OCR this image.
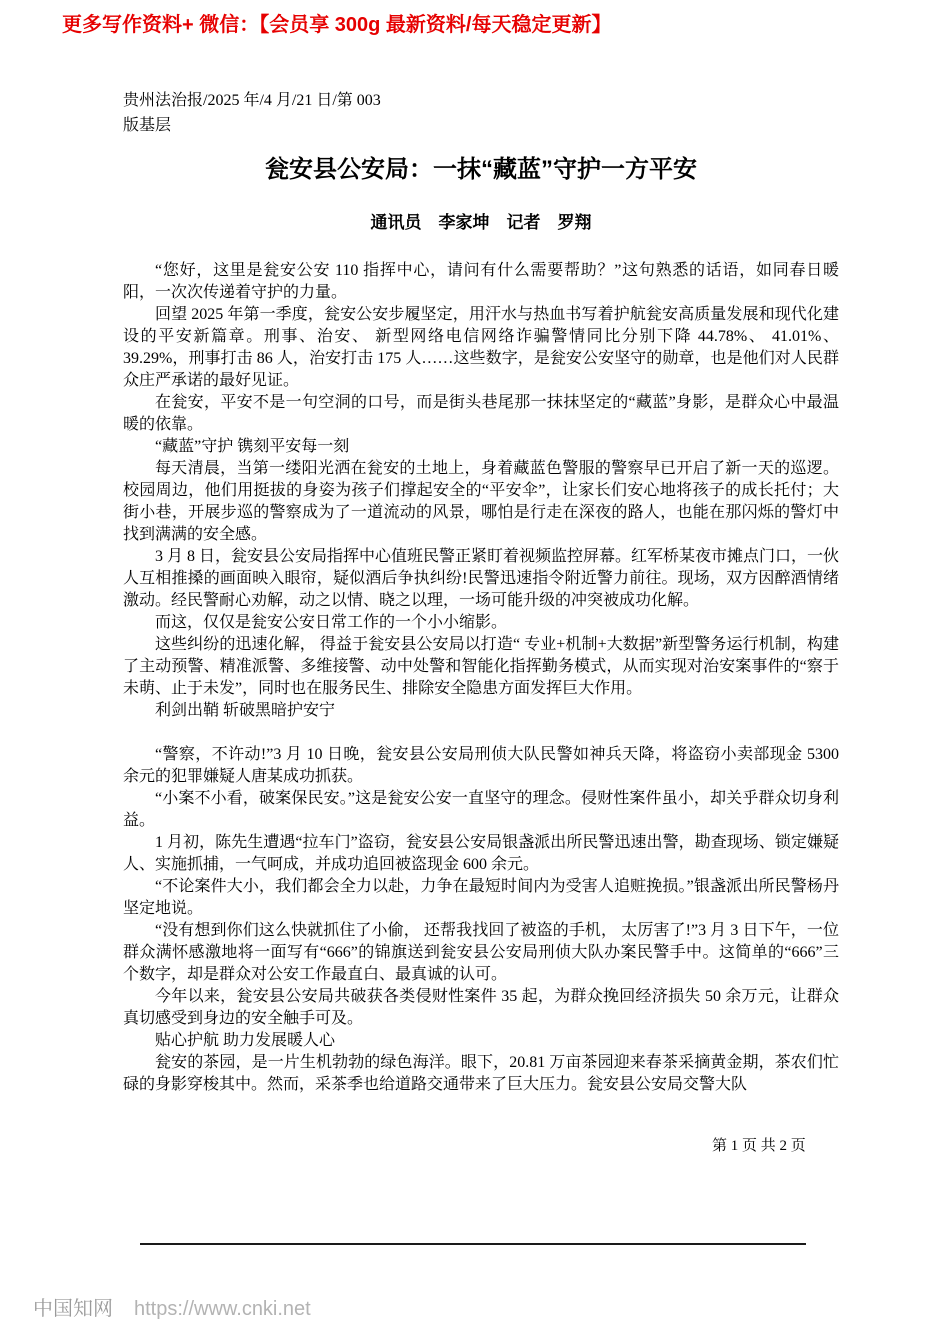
更多写作资料+ 微信：【会员享 300g 最新资料/每天稳定更新】
贵州法治报/2025 年/4 月/21 日/第 003
版基层
瓮安县公安局：一抹“藏蓝”守护一方平安
通讯员　李家坤　记者　罗翔

“您好，这里是瓮安公安 110 指挥中心，请问有什么需要帮助？”这句熟悉的话语，如同春日暖阳，一次次传递着守护的力量。

回望 2025 年第一季度，瓮安公安步履坚定，用汗水与热血书写着护航瓮安高质量发展和现代化建设的平安新篇章。刑事、治安、 新型网络电信网络诈骗警情同比分别下降 44.78%、 41.01%、39.29%，刑事打击 86 人，治安打击 175 人……这些数字，是瓮安公安坚守的勋章，也是他们对人民群众庄严承诺的最好见证。

在瓮安，平安不是一句空洞的口号，而是街头巷尾那一抹抹坚定的“藏蓝”身影，是群众心中最温暖的依靠。

“藏蓝”守护 镌刻平安每一刻

每天清晨，当第一缕阳光洒在瓮安的土地上，身着藏蓝色警服的警察早已开启了新一天的巡逻。校园周边，他们用挺拔的身姿为孩子们撑起安全的“平安伞”，让家长们安心地将孩子的成长托付；大街小巷，开展步巡的警察成为了一道流动的风景，哪怕是行走在深夜的路人，也能在那闪烁的警灯中找到满满的安全感。

3 月 8 日，瓮安县公安局指挥中心值班民警正紧盯着视频监控屏幕。红军桥某夜市摊点门口，一伙人互相推搡的画面映入眼帘，疑似酒后争执纠纷!民警迅速指令附近警力前往。现场，双方因醉酒情绪激动。经民警耐心劝解，动之以情、晓之以理，一场可能升级的冲突被成功化解。

而这，仅仅是瓮安公安日常工作的一个小小缩影。

这些纠纷的迅速化解， 得益于瓮安县公安局以打造“ 专业+机制+大数据”新型警务运行机制，构建了主动预警、精准派警、多维接警、动中处警和智能化指挥勤务模式，从而实现对治安案事件的“察于未萌、止于未发”，同时也在服务民生、排除安全隐患方面发挥巨大作用。

利剑出鞘 斩破黑暗护安宁

“警察，不许动!”3 月 10 日晚，瓮安县公安局刑侦大队民警如神兵天降，将盗窃小卖部现金 5300 余元的犯罪嫌疑人唐某成功抓获。

“小案不小看，破案保民安。”这是瓮安公安一直坚守的理念。侵财性案件虽小，却关乎群众切身利益。

1 月初，陈先生遭遇“拉车门”盗窃，瓮安县公安局银盏派出所民警迅速出警，勘查现场、锁定嫌疑人、实施抓捕，一气呵成，并成功追回被盗现金 600 余元。

“不论案件大小，我们都会全力以赴，力争在最短时间内为受害人追赃挽损。”银盏派出所民警杨丹坚定地说。

“没有想到你们这么快就抓住了小偷， 还帮我找回了被盗的手机， 太厉害了!”3 月 3 日下午，一位群众满怀感激地将一面写有“666”的锦旗送到瓮安县公安局刑侦大队办案民警手中。这简单的“666”三个数字，却是群众对公安工作最直白、最真诚的认可。

今年以来，瓮安县公安局共破获各类侵财性案件 35 起，为群众挽回经济损失 50 余万元，让群众真切感受到身边的安全触手可及。

贴心护航 助力发展暖人心

瓮安的茶园，是一片生机勃勃的绿色海洋。眼下，20.81 万亩茶园迎来春茶采摘黄金期，茶农们忙碌的身影穿梭其中。然而，采茶季也给道路交通带来了巨大压力。瓮安县公安局交警大队

第 1 页 共 2 页
中国知网 https://www.cnki.net
